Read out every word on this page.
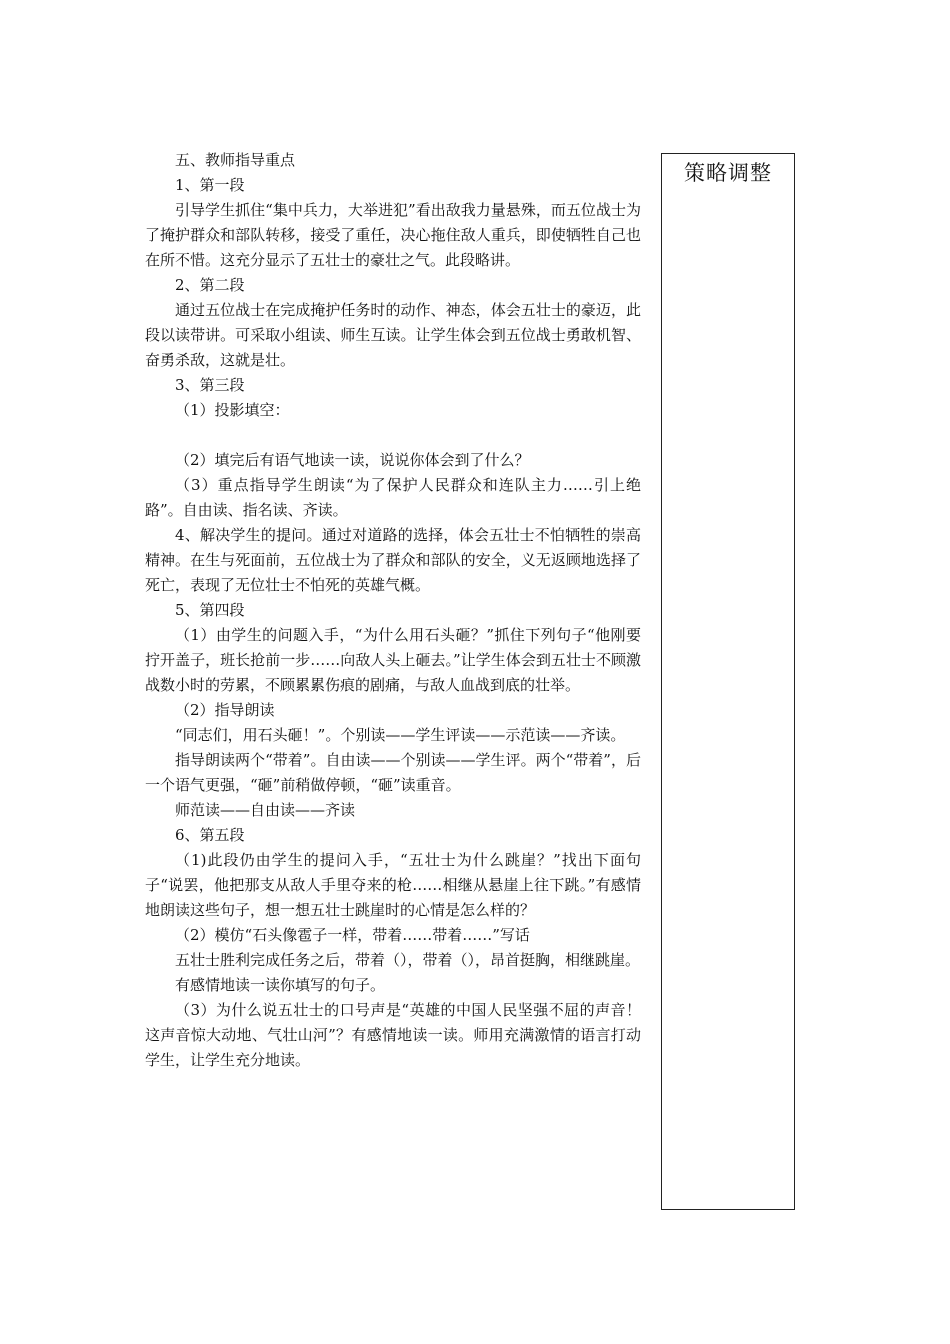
五、教师指导重点

1、第一段

引导学生抓住“集中兵力，大举进犯”看出敌我力量悬殊，而五位战士为了掩护群众和部队转移，接受了重任，决心拖住敌人重兵，即使牺牲自己也在所不惜。这充分显示了五壮士的豪壮之气。此段略讲。

2、第二段

通过五位战士在完成掩护任务时的动作、神态，体会五壮士的豪迈，此段以读带讲。可采取小组读、师生互读。让学生体会到五位战士勇敢机智、奋勇杀敌，这就是壮。

3、第三段

（1）投影填空：

（2）填完后有语气地读一读，说说你体会到了什么？

（3）重点指导学生朗读“为了保护人民群众和连队主力……引上绝路”。自由读、指名读、齐读。

4、解决学生的提问。通过对道路的选择，体会五壮士不怕牺牲的崇高精神。在生与死面前，五位战士为了群众和部队的安全，义无返顾地选择了死亡，表现了无位壮士不怕死的英雄气概。

5、第四段

（1）由学生的问题入手，“为什么用石头砸？”抓住下列句子“他刚要拧开盖子，班长抢前一步……向敌人头上砸去。”让学生体会到五壮士不顾激战数小时的劳累，不顾累累伤痕的剧痛，与敌人血战到底的壮举。

（2）指导朗读

“同志们，用石头砸！”。个别读——学生评读——示范读——齐读。

指导朗读两个“带着”。自由读——个别读——学生评。两个“带着”，后一个语气更强，“砸”前稍做停顿，“砸”读重音。

师范读——自由读——齐读

6、第五段

（1)此段仍由学生的提问入手，“五壮士为什么跳崖？”找出下面句子“说罢，他把那支从敌人手里夺来的枪……相继从悬崖上往下跳。”有感情地朗读这些句子，想一想五壮士跳崖时的心情是怎么样的？

（2）模仿“石头像雹子一样，带着……带着……”写话

五壮士胜利完成任务之后，带着（），带着（），昂首挺胸，相继跳崖。

有感情地读一读你填写的句子。

（3）为什么说五壮士的口号声是“英雄的中国人民坚强不屈的声音！这声音惊大动地、气壮山河”？有感情地读一读。师用充满激情的语言打动学生，让学生充分地读。

策略调整
